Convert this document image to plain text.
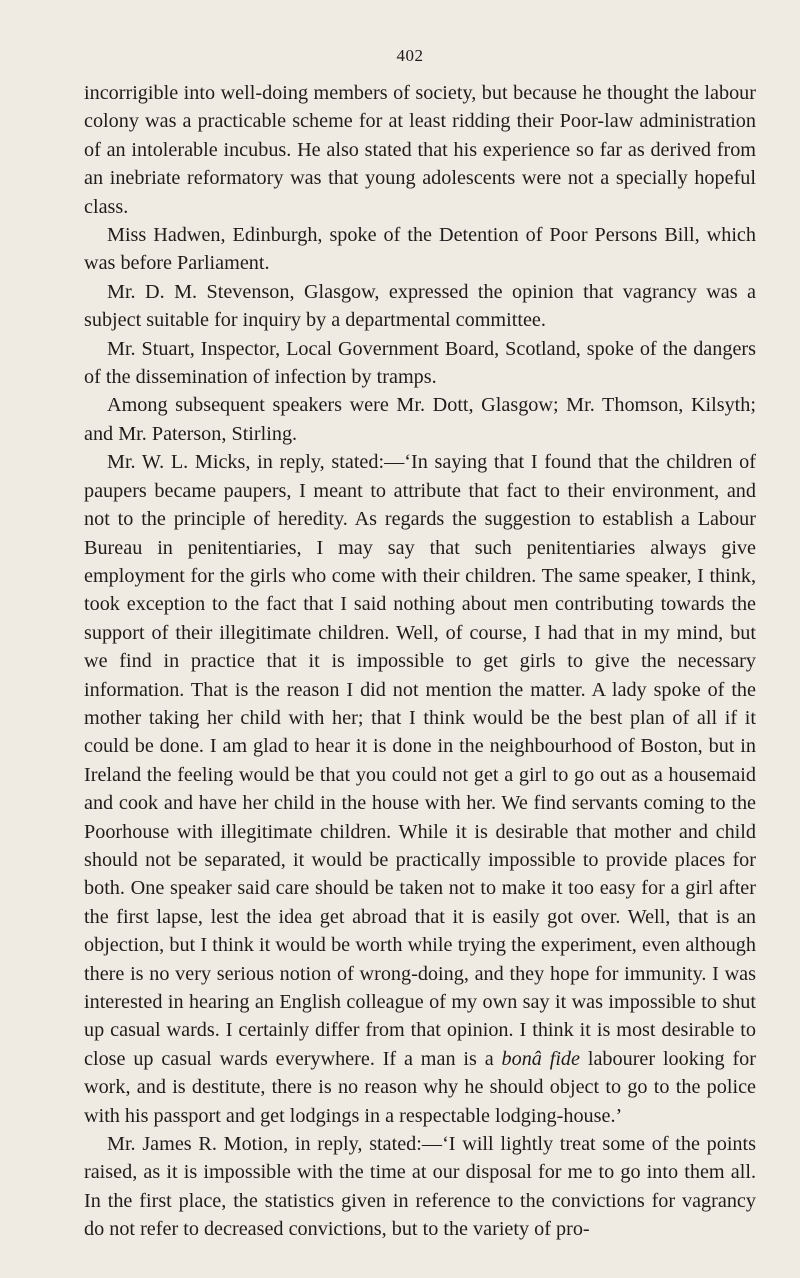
402

incorrigible into well-doing members of society, but because he thought the labour colony was a practicable scheme for at least ridding their Poor-law administration of an intolerable incubus. He also stated that his experience so far as derived from an inebriate reformatory was that young adolescents were not a specially hopeful class.

Miss Hadwen, Edinburgh, spoke of the Detention of Poor Persons Bill, which was before Parliament.

Mr. D. M. Stevenson, Glasgow, expressed the opinion that vagrancy was a subject suitable for inquiry by a departmental committee.

Mr. Stuart, Inspector, Local Government Board, Scotland, spoke of the dangers of the dissemination of infection by tramps.

Among subsequent speakers were Mr. Dott, Glasgow; Mr. Thomson, Kilsyth; and Mr. Paterson, Stirling.

Mr. W. L. Micks, in reply, stated:—‘In saying that I found that the children of paupers became paupers, I meant to attribute that fact to their environment, and not to the principle of heredity. As regards the suggestion to establish a Labour Bureau in penitentiaries, I may say that such penitentiaries always give employment for the girls who come with their children. The same speaker, I think, took exception to the fact that I said nothing about men contributing towards the support of their illegitimate children. Well, of course, I had that in my mind, but we find in practice that it is impossible to get girls to give the necessary information. That is the reason I did not mention the matter. A lady spoke of the mother taking her child with her; that I think would be the best plan of all if it could be done. I am glad to hear it is done in the neighbourhood of Boston, but in Ireland the feeling would be that you could not get a girl to go out as a housemaid and cook and have her child in the house with her. We find servants coming to the Poorhouse with illegitimate children. While it is desirable that mother and child should not be separated, it would be practically impossible to provide places for both. One speaker said care should be taken not to make it too easy for a girl after the first lapse, lest the idea get abroad that it is easily got over. Well, that is an objection, but I think it would be worth while trying the experiment, even although there is no very serious notion of wrong-doing, and they hope for immunity. I was interested in hearing an English colleague of my own say it was impossible to shut up casual wards. I certainly differ from that opinion. I think it is most desirable to close up casual wards everywhere. If a man is a bonâ fide labourer looking for work, and is destitute, there is no reason why he should object to go to the police with his passport and get lodgings in a respectable lodging-house.’

Mr. James R. Motion, in reply, stated:—‘I will lightly treat some of the points raised, as it is impossible with the time at our disposal for me to go into them all. In the first place, the statistics given in reference to the convictions for vagrancy do not refer to decreased convictions, but to the variety of pro-
